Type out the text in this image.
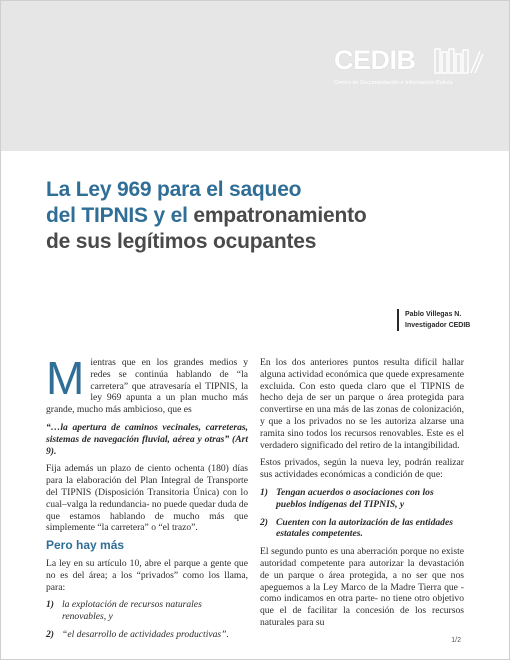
CEDIB
Centro de Documentación e Información Bolivia
La Ley 969 para el saqueo
del TIPNIS y el empatronamiento
de sus legítimos ocupantes
Pablo Villegas N.
Investigador CEDIB

Mientras que en los grandes medios y redes se continúa hablando de “la carretera” que atravesaría el TIPNIS, la ley 969 apunta a un plan mucho más grande, mucho más ambicioso, que es

“…la apertura de caminos vecinales, carreteras, sistemas de navegación fluvial, aérea y otras” (Art 9).

Fija además un plazo de ciento ochenta (180) días para la elaboración del Plan Integral de Transporte del TIPNIS (Disposición Transitoria Única) con lo cual–valga la redundancia- no puede quedar duda de que estamos hablando de mucho más que simplemente “la carretera” o “el trazo”.

Pero hay más

La ley en su artículo 10, abre el parque a gente que no es del área; a los “privados” como los llama, para:

1) la explotación de recursos naturales renovables, y
2) “el desarrollo de actividades productivas”.

En los dos anteriores puntos resulta difícil hallar alguna actividad económica que quede expresamente excluida. Con esto queda claro que el TIPNIS de hecho deja de ser un parque o área protegida para convertirse en una más de las zonas de colonización, y que a los privados no se les autoriza alzarse una ramita sino todos los recursos renovables. Este es el verdadero significado del retiro de la intangibilidad.

Estos privados, según la nueva ley, podrán realizar sus actividades económicas a condición de que:

1) Tengan acuerdos o asociaciones con los pueblos indígenas del TIPNIS, y
2) Cuenten con la autorización de las entidades estatales competentes.

El segundo punto es una aberración porque no existe autoridad competente para autorizar la devastación de un parque o área protegida, a no ser que nos apeguemos a la Ley Marco de la Madre Tierra que -como indicamos en otra parte- no tiene otro objetivo que el de facilitar la concesión de los recursos naturales para su

1/2
